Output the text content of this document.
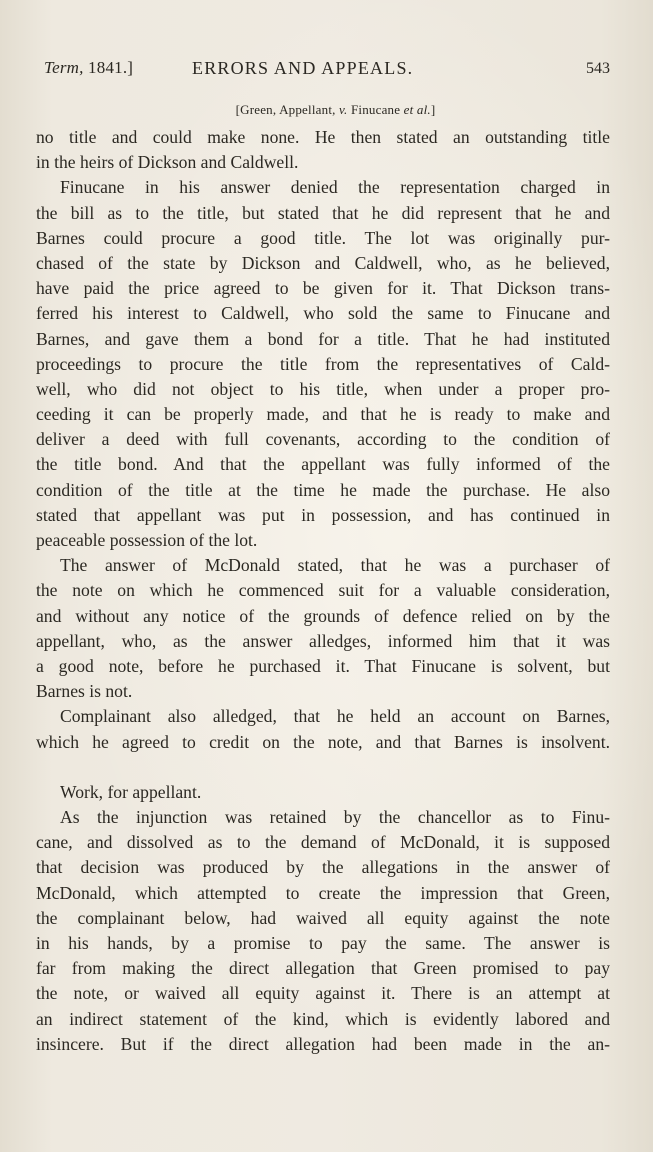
Term, 1841.]	ERRORS AND APPEALS.	543
[Green, Appellant, v. Finucane et al.]
no title and could make none. He then stated an outstanding title
in the heirs of Dickson and Caldwell.
Finucane in his answer denied the representation charged in
the bill as to the title, but stated that he did represent that he and
Barnes could procure a good title. The lot was originally pur-
chased of the state by Dickson and Caldwell, who, as he believed,
have paid the price agreed to be given for it. That Dickson trans-
ferred his interest to Caldwell, who sold the same to Finucane and
Barnes, and gave them a bond for a title. That he had instituted
proceedings to procure the title from the representatives of Cald-
well, who did not object to his title, when under a proper pro-
ceeding it can be properly made, and that he is ready to make and
deliver a deed with full covenants, according to the condition of
the title bond. And that the appellant was fully informed of the
condition of the title at the time he made the purchase. He also
stated that appellant was put in possession, and has continued in
peaceable possession of the lot.
The answer of McDonald stated, that he was a purchaser of
the note on which he commenced suit for a valuable consideration,
and without any notice of the grounds of defence relied on by the
appellant, who, as the answer alledges, informed him that it was
a good note, before he purchased it. That Finucane is solvent, but
Barnes is not.
Complainant also alledged, that he held an account on Barnes,
which he agreed to credit on the note, and that Barnes is insolvent.
Work, for appellant.
As the injunction was retained by the chancellor as to Finu-
cane, and dissolved as to the demand of McDonald, it is supposed
that decision was produced by the allegations in the answer of
McDonald, which attempted to create the impression that Green,
the complainant below, had waived all equity against the note
in his hands, by a promise to pay the same. The answer is
far from making the direct allegation that Green promised to pay
the note, or waived all equity against it. There is an attempt at
an indirect statement of the kind, which is evidently labored and
insincere. But if the direct allegation had been made in the an-
